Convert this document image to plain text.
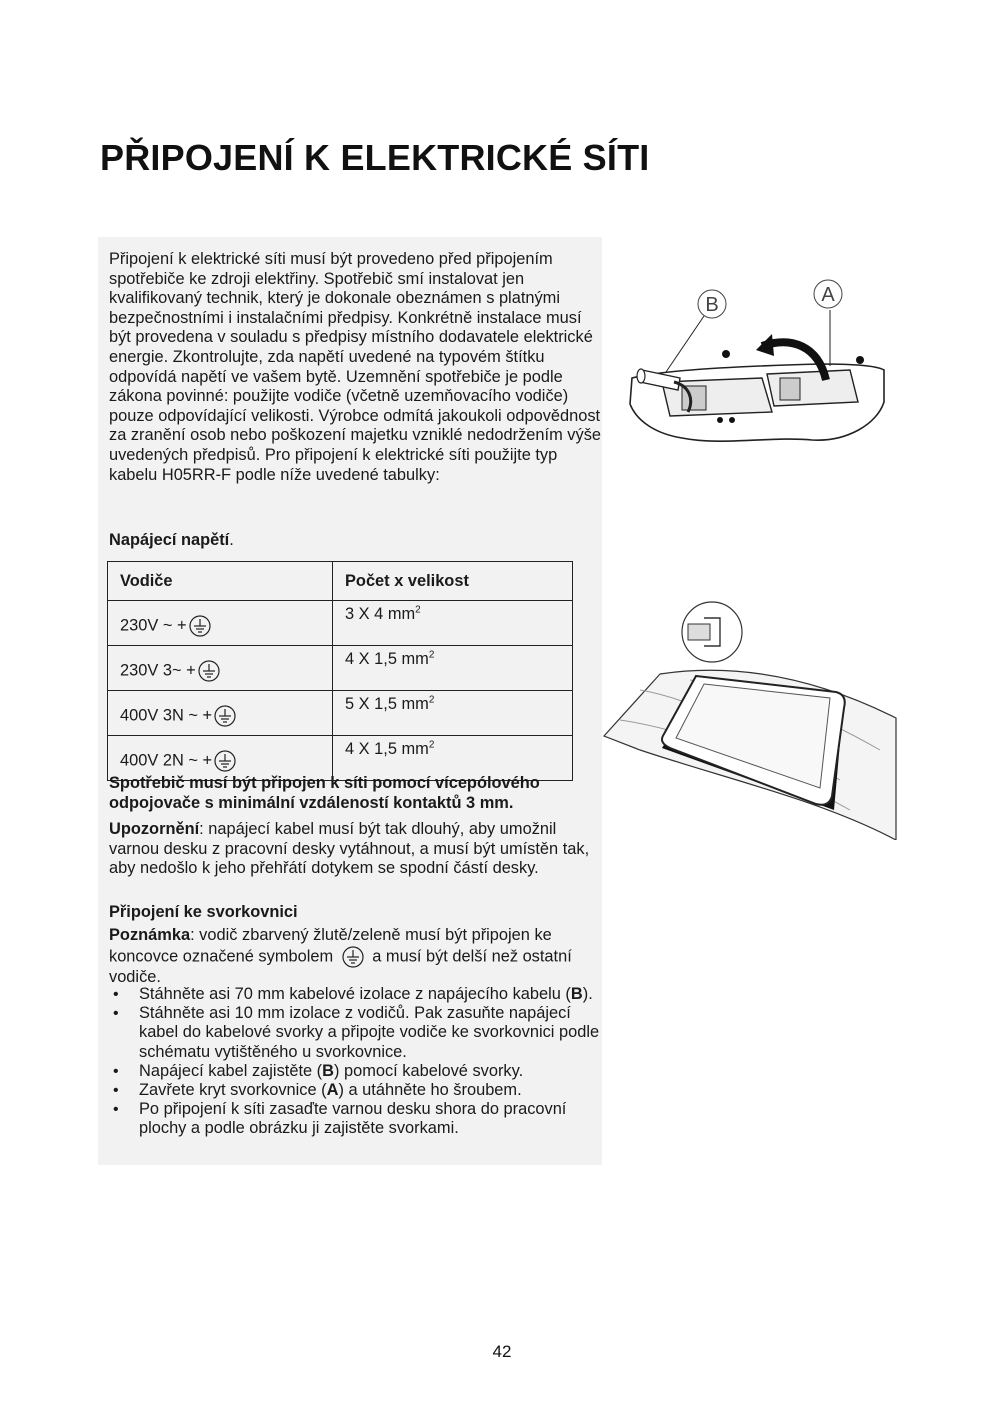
PŘIPOJENÍ K ELEKTRICKÉ SÍTI
Připojení k elektrické síti musí být provedeno před připojením spotřebiče ke zdroji elektřiny. Spotřebič smí instalovat jen kvalifikovaný technik, který je dokonale obeznámen s platnými bezpečnostními i instalačními předpisy. Konkrétně instalace musí být provedena v souladu s předpisy místního dodavatele elektrické energie. Zkontrolujte, zda napětí uvedené na typovém štítku odpovídá napětí ve vašem bytě. Uzemnění spotřebiče je podle zákona povinné: použijte vodiče (včetně uzemňovacího vodiče) pouze odpovídající velikosti. Výrobce odmítá jakoukoli odpovědnost za zranění osob nebo poškození majetku vzniklé nedodržením výše uvedených předpisů. Pro připojení k elektrické síti použijte typ kabelu H05RR-F podle níže uvedené tabulky:
Napájecí napětí.
Vodiče	Počet x velikost
230V ~ +	3 X 4 $mm^2$
230V 3~ +	4 X 1,5 $mm^2$
400V 3N ~ +	5 X 1,5 $mm^2$
400V 2N ~ +	4 X 1,5 $mm^2$
Spotřebič musí být připojen k síti pomocí vícepólového odpojovače s minimální vzdáleností kontaktů 3 mm.
Upozornění: napájecí kabel musí být tak dlouhý, aby umožnil varnou desku z pracovní desky vytáhnout, a musí být umístěn tak, aby nedošlo k jeho přehřátí dotykem se spodní částí desky.
Připojení ke svorkovnici
Poznámka: vodič zbarvený žlutě/zeleně musí být připojen ke koncovce označené symbolem a musí být delší než ostatní vodiče.
• Stáhněte asi 70 mm kabelové izolace z napájecího kabelu (B).
• Stáhněte asi 10 mm izolace z vodičů. Pak zasuňte napájecí kabel do kabelové svorky a připojte vodiče ke svorkovnici podle schématu vytištěného u svorkovnice.
• Napájecí kabel zajistěte (B) pomocí kabelové svorky.
• Zavřete kryt svorkovnice (A) a utáhněte ho šroubem.
• Po připojení k síti zasaďte varnou desku shora do pracovní plochy a podle obrázku ji zajistěte svorkami.
B	A
42
